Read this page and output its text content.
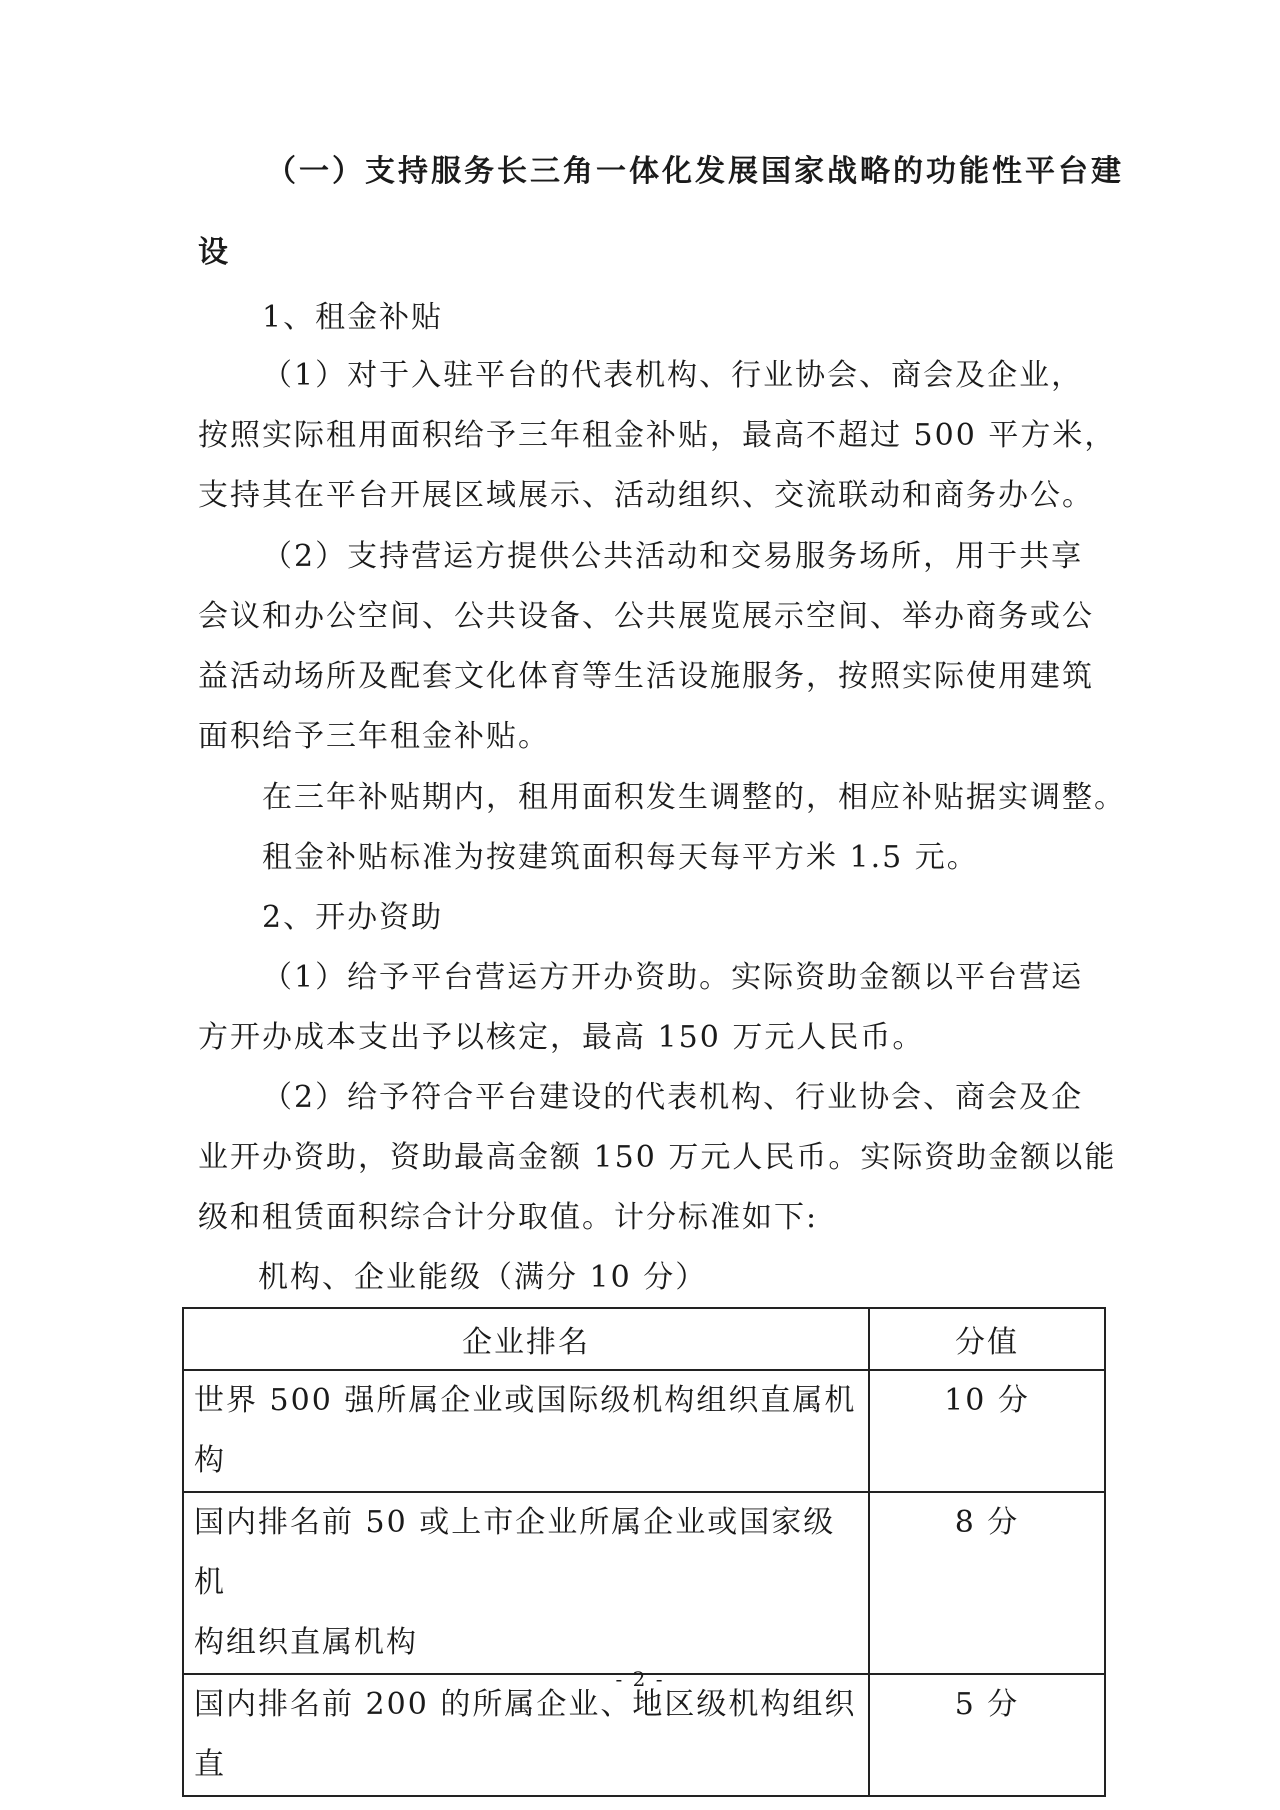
（一）支持服务长三角一体化发展国家战略的功能性平台建
设
1、租金补贴
（1）对于入驻平台的代表机构、行业协会、商会及企业，
按照实际租用面积给予三年租金补贴，最高不超过 500 平方米，
支持其在平台开展区域展示、活动组织、交流联动和商务办公。
（2）支持营运方提供公共活动和交易服务场所，用于共享
会议和办公空间、公共设备、公共展览展示空间、举办商务或公
益活动场所及配套文化体育等生活设施服务，按照实际使用建筑
面积给予三年租金补贴。
在三年补贴期内，租用面积发生调整的，相应补贴据实调整。
租金补贴标准为按建筑面积每天每平方米 1.5 元。
2、开办资助
（1）给予平台营运方开办资助。实际资助金额以平台营运
方开办成本支出予以核定，最高 150 万元人民币。
（2）给予符合平台建设的代表机构、行业协会、商会及企
业开办资助，资助最高金额 150 万元人民币。实际资助金额以能
级和租赁面积综合计分取值。计分标准如下:
机构、企业能级（满分 10 分）
企业排名	分值

世界 500 强所属企业或国际级机构组织直属机构	10 分

国内排名前 50 或上市企业所属企业或国家级机
构组织直属机构	8 分

国内排名前 200 的所属企业、地区级机构组织直	5 分
- 2 -
